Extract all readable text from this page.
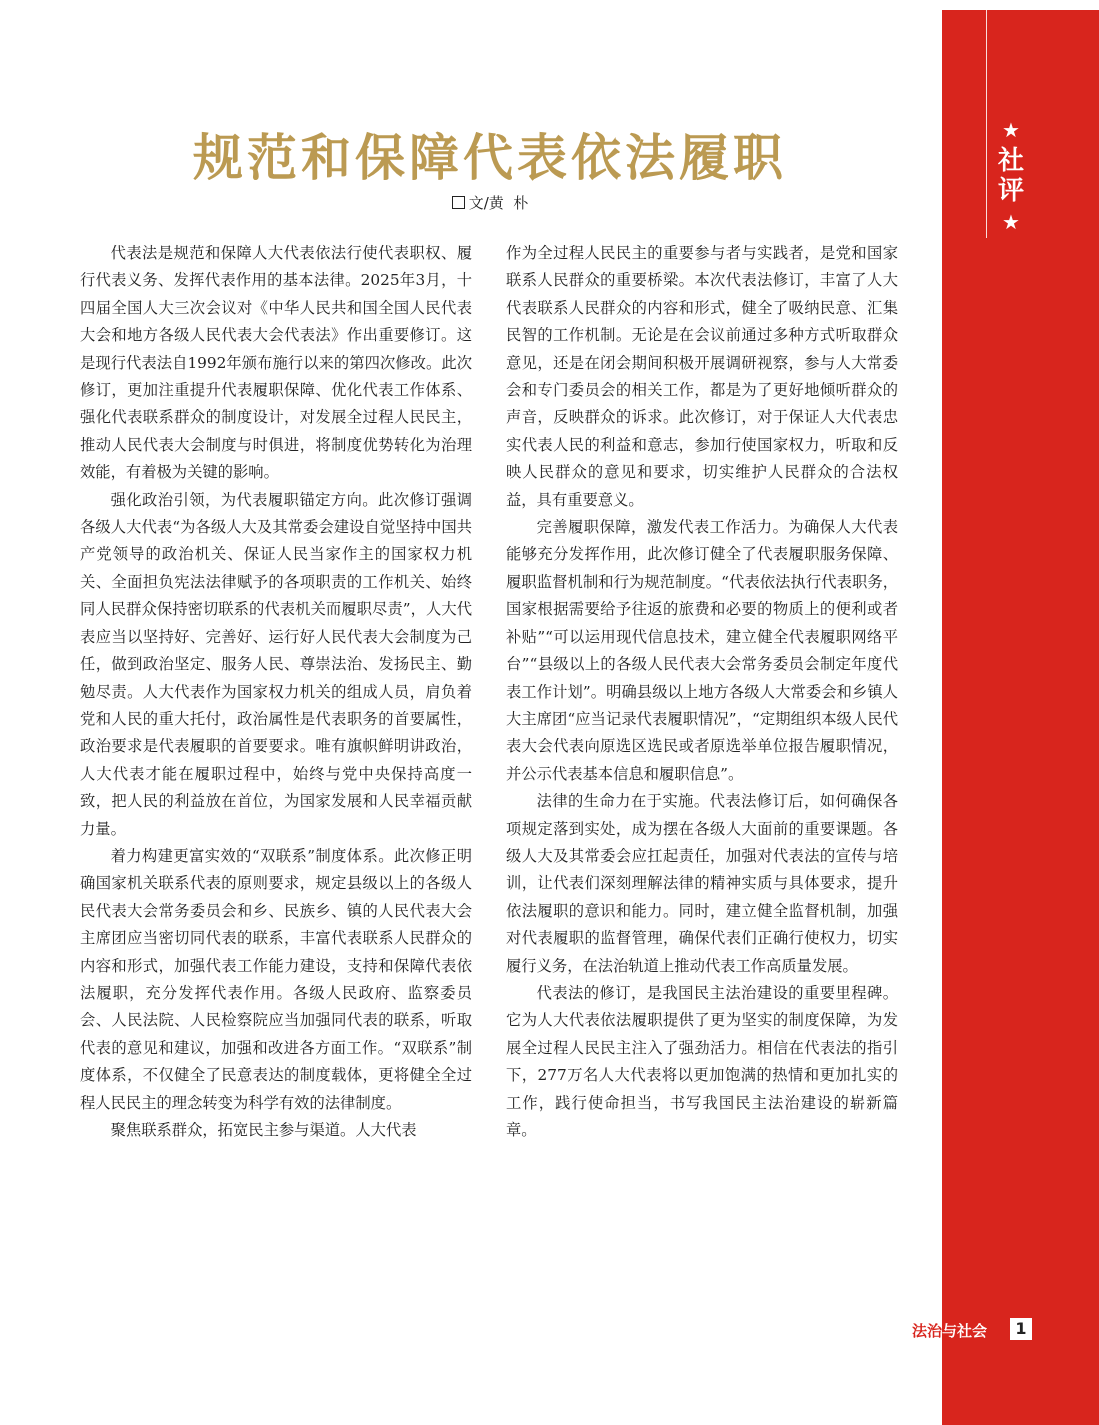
★
社
评
★
规范和保障代表依法履职
文/黄  朴

代表法是规范和保障人大代表依法行使代表职权、履行代表义务、发挥代表作用的基本法律。2025年3月，十四届全国人大三次会议对《中华人民共和国全国人民代表大会和地方各级人民代表大会代表法》作出重要修订。这是现行代表法自1992年颁布施行以来的第四次修改。此次修订，更加注重提升代表履职保障、优化代表工作体系、强化代表联系群众的制度设计，对发展全过程人民民主，推动人民代表大会制度与时俱进，将制度优势转化为治理效能，有着极为关键的影响。

强化政治引领，为代表履职锚定方向。此次修订强调各级人大代表“为各级人大及其常委会建设自觉坚持中国共产党领导的政治机关、保证人民当家作主的国家权力机关、全面担负宪法法律赋予的各项职责的工作机关、始终同人民群众保持密切联系的代表机关而履职尽责”，人大代表应当以坚持好、完善好、运行好人民代表大会制度为己任，做到政治坚定、服务人民、尊崇法治、发扬民主、勤勉尽责。人大代表作为国家权力机关的组成人员，肩负着党和人民的重大托付，政治属性是代表职务的首要属性，政治要求是代表履职的首要要求。唯有旗帜鲜明讲政治，人大代表才能在履职过程中，始终与党中央保持高度一致，把人民的利益放在首位，为国家发展和人民幸福贡献力量。

着力构建更富实效的“双联系”制度体系。此次修正明确国家机关联系代表的原则要求，规定县级以上的各级人民代表大会常务委员会和乡、民族乡、镇的人民代表大会主席团应当密切同代表的联系，丰富代表联系人民群众的内容和形式，加强代表工作能力建设，支持和保障代表依法履职，充分发挥代表作用。各级人民政府、监察委员会、人民法院、人民检察院应当加强同代表的联系，听取代表的意见和建议，加强和改进各方面工作。“双联系”制度体系，不仅健全了民意表达的制度载体，更将健全全过程人民民主的理念转变为科学有效的法律制度。

聚焦联系群众，拓宽民主参与渠道。人大代表

作为全过程人民民主的重要参与者与实践者，是党和国家联系人民群众的重要桥梁。本次代表法修订，丰富了人大代表联系人民群众的内容和形式，健全了吸纳民意、汇集民智的工作机制。无论是在会议前通过多种方式听取群众意见，还是在闭会期间积极开展调研视察，参与人大常委会和专门委员会的相关工作，都是为了更好地倾听群众的声音，反映群众的诉求。此次修订，对于保证人大代表忠实代表人民的利益和意志，参加行使国家权力，听取和反映人民群众的意见和要求，切实维护人民群众的合法权益，具有重要意义。

完善履职保障，激发代表工作活力。为确保人大代表能够充分发挥作用，此次修订健全了代表履职服务保障、履职监督机制和行为规范制度。“代表依法执行代表职务，国家根据需要给予往返的旅费和必要的物质上的便利或者补贴”“可以运用现代信息技术，建立健全代表履职网络平台”“县级以上的各级人民代表大会常务委员会制定年度代表工作计划”。明确县级以上地方各级人大常委会和乡镇人大主席团“应当记录代表履职情况”，“定期组织本级人民代表大会代表向原选区选民或者原选举单位报告履职情况，并公示代表基本信息和履职信息”。

法律的生命力在于实施。代表法修订后，如何确保各项规定落到实处，成为摆在各级人大面前的重要课题。各级人大及其常委会应扛起责任，加强对代表法的宣传与培训，让代表们深刻理解法律的精神实质与具体要求，提升依法履职的意识和能力。同时，建立健全监督机制，加强对代表履职的监督管理，确保代表们正确行使权力，切实履行义务，在法治轨道上推动代表工作高质量发展。

代表法的修订，是我国民主法治建设的重要里程碑。它为人大代表依法履职提供了更为坚实的制度保障，为发展全过程人民民主注入了强劲活力。相信在代表法的指引下，277万名人大代表将以更加饱满的热情和更加扎实的工作，践行使命担当，书写我国民主法治建设的崭新篇章。

法治与社会	1
